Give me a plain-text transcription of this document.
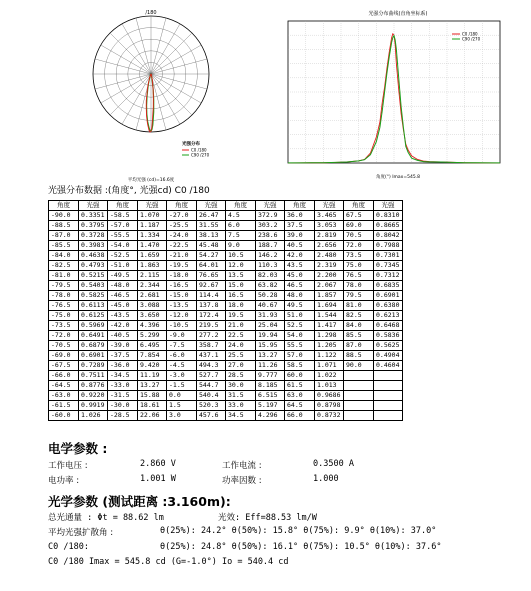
/180
光强分布
C0 /180
C90 /270
平均光强 (cd)=16.6度
光强分布曲线(直角坐标系)
C0 /180
C90 /270
角度(°) Imax=545.8
光强分布数据 :(角度°, 光强cd) C0 /180
角度	光强	角度	光强	角度	光强	角度	光强	角度	光强	角度	光强
-90.0	0.3351	-58.5	1.070	-27.0	26.47	4.5	372.9	36.0	3.465	67.5	0.8310
-88.5	0.3795	-57.0	1.187	-25.5	31.55	6.0	303.2	37.5	3.053	69.0	0.8665
-87.0	0.3728	-55.5	1.334	-24.0	38.13	7.5	238.6	39.0	2.819	70.5	0.8042
-85.5	0.3983	-54.0	1.470	-22.5	45.48	9.0	188.7	40.5	2.656	72.0	0.7988
-84.0	0.4638	-52.5	1.659	-21.0	54.27	10.5	146.2	42.0	2.480	73.5	0.7301
-82.5	0.4793	-51.0	1.863	-19.5	64.01	12.0	110.3	43.5	2.319	75.0	0.7345
-81.0	0.5215	-49.5	2.115	-18.0	76.65	13.5	82.03	45.0	2.200	76.5	0.7312
-79.5	0.5403	-48.0	2.344	-16.5	92.67	15.0	63.82	46.5	2.067	78.0	0.6835
-78.0	0.5825	-46.5	2.681	-15.0	114.4	16.5	50.28	48.0	1.857	79.5	0.6901
-76.5	0.6113	-45.0	3.088	-13.5	137.8	18.0	40.67	49.5	1.694	81.0	0.6380
-75.0	0.6125	-43.5	3.650	-12.0	172.4	19.5	31.93	51.0	1.544	82.5	0.6213
-73.5	0.5969	-42.0	4.396	-10.5	219.5	21.0	25.04	52.5	1.417	84.0	0.6468
-72.0	0.6491	-40.5	5.299	-9.0	277.2	22.5	19.94	54.0	1.298	85.5	0.5836
-70.5	0.6879	-39.0	6.495	-7.5	358.7	24.0	15.95	55.5	1.205	87.0	0.5625
-69.0	0.6901	-37.5	7.854	-6.0	437.1	25.5	13.27	57.0	1.122	88.5	0.4904
-67.5	0.7289	-36.0	9.420	-4.5	494.3	27.0	11.26	58.5	1.071	90.0	0.4604
-66.0	0.7511	-34.5	11.19	-3.0	527.7	28.5	9.777	60.0	1.022		
-64.5	0.8776	-33.0	13.27	-1.5	544.7	30.0	8.185	61.5	1.013		
-63.0	0.9220	-31.5	15.88	0.0	540.4	31.5	6.515	63.0	0.9686		
-61.5	0.9919	-30.0	18.61	1.5	520.3	33.0	5.197	64.5	0.8798		
-60.0	1.026	-28.5	22.06	3.0	457.6	34.5	4.296	66.0	0.8732		
电学参数 :
工作电压 :	2.860 V	工作电流 :	0.3500 A
电功率 :	1.001 W	功率因数 :	1.000
光学参数 (测试距离 :3.160m):
总光通量 : Φt = 88.62 lm	光效: Eff=88.53 lm/W
平均光强扩散角 :	θ(25%): 24.2° θ(50%): 15.8° θ(75%): 9.9° θ(10%): 37.0°
C0 /180:	θ(25%): 24.8° θ(50%): 16.1° θ(75%): 10.5° θ(10%): 37.6°
C0 /180 Imax = 545.8 cd (G=-1.0°) Io = 540.4 cd
